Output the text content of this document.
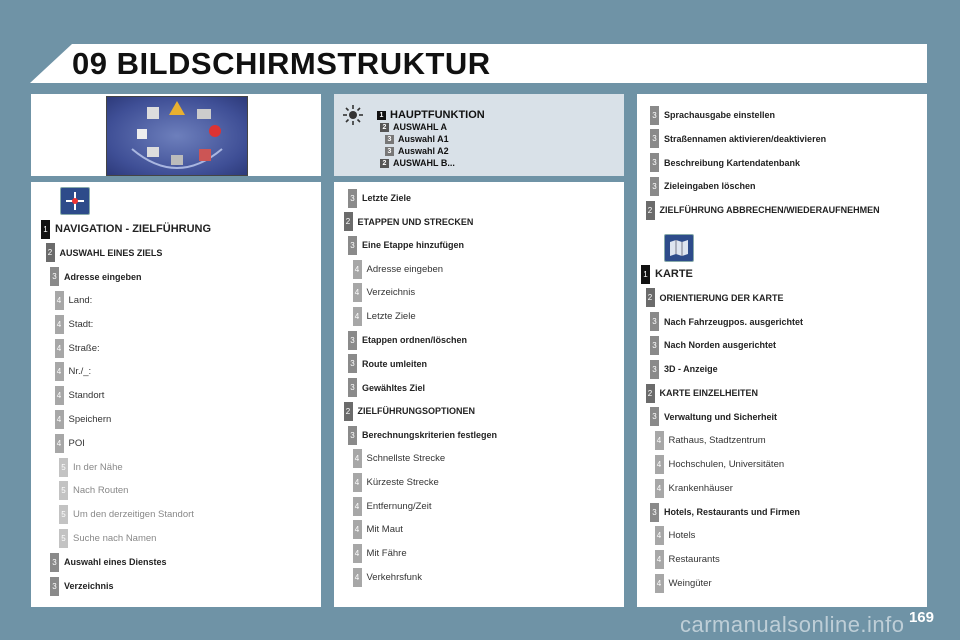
09 BILDSCHIRMSTRUKTUR
1 HAUPTFUNKTION
2 AUSWAHL A
3 Auswahl A1
3 Auswahl A2
2 AUSWAHL B...
1 NAVIGATION - ZIELFÜHRUNG
2 AUSWAHL EINES ZIELS
3 Adresse eingeben
4 Land:
4 Stadt:
4 Straße:
4 Nr./_:
4 Standort
4 Speichern
4 POI
5 In der Nähe
5 Nach Routen
5 Um den derzeitigen Standort
5 Suche nach Namen
3 Auswahl eines Dienstes
3 Verzeichnis
3 Letzte Ziele
2 ETAPPEN UND STRECKEN
3 Eine Etappe hinzufügen
4 Adresse eingeben
4 Verzeichnis
4 Letzte Ziele
3 Etappen ordnen/löschen
3 Route umleiten
3 Gewähltes Ziel
2 ZIELFÜHRUNGSOPTIONEN
3 Berechnungskriterien festlegen
4 Schnellste Strecke
4 Kürzeste Strecke
4 Entfernung/Zeit
4 Mit Maut
4 Mit Fähre
4 Verkehrsfunk
3 Sprachausgabe einstellen
3 Straßennamen aktivieren/deaktivieren
3 Beschreibung Kartendatenbank
3 Zieleingaben löschen
2 ZIELFÜHRUNG ABBRECHEN/WIEDERAUFNEHMEN
1 KARTE
2 ORIENTIERUNG DER KARTE
3 Nach Fahrzeugpos. ausgerichtet
3 Nach Norden ausgerichtet
3 3D - Anzeige
2 KARTE EINZELHEITEN
3 Verwaltung und Sicherheit
4 Rathaus, Stadtzentrum
4 Hochschulen, Universitäten
4 Krankenhäuser
3 Hotels, Restaurants und Firmen
4 Hotels
4 Restaurants
4 Weingüter
169
carmanualsonline.info
